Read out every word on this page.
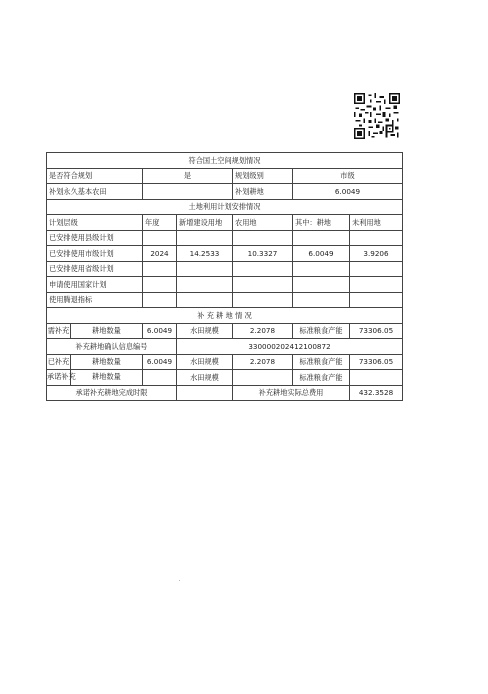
符合国土空间规划情况					
是否符合规划	是		规划级别	市级	
补划永久基本农田			补划耕地	6.0049	
土地利用计划安排情况					
计划层级	年度	新增建设用地	农用地	其中：耕地	未利用地
已安排使用县级计划					
已安排使用市级计划	2024	14.2533	10.3327	6.0049	3.9206
已安排使用省级计划					
申请使用国家计划					
使用腾退指标					
补 充 耕 地 情 况					

需补充 耕地数量	6.0049	水田规模	2.2078	标准粮食产能	73306.05
补充耕地确认信息编号		330000202412100872			

已补充 耕地数量	6.0049	水田规模	2.2078	标准粮食产能	73306.05

承诺补充 耕地数量		水田规模		标准粮食产能	
承诺补充耕地完成时限			补充耕地实际总费用		432.3528
